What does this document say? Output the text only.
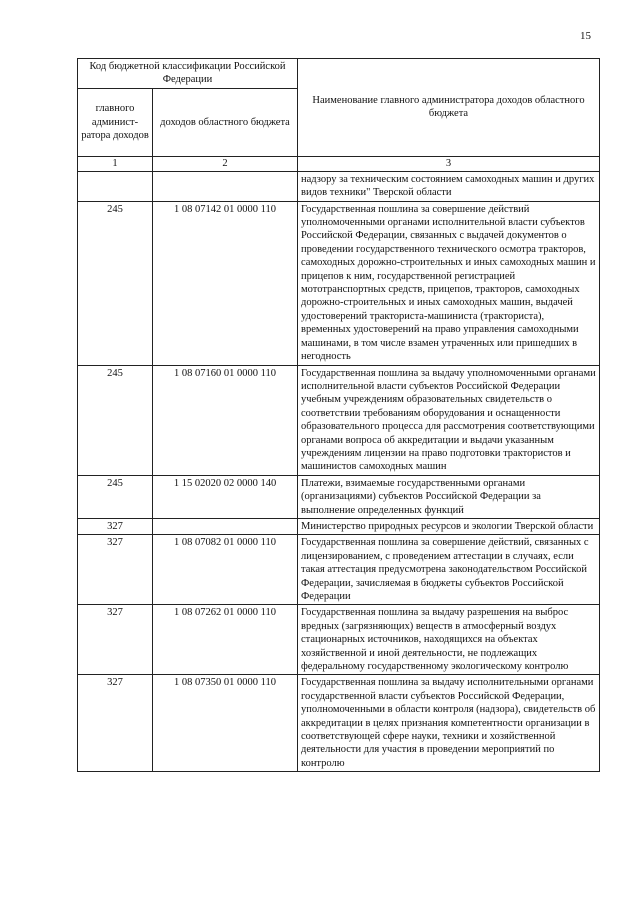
15
Код бюджетной классификации Российской Федерации		Наименование главного администратора доходов областного бюджета
главного админист- ратора доходов	доходов областного бюджета	
1	2	3
		надзору за техническим состоянием самоходных машин и других видов техники" Тверской области
245	1 08 07142 01 0000 110	Государственная пошлина за совершение действий уполномоченными органами исполнительной власти субъектов Российской Федерации, связанных с выдачей документов о проведении государственного технического осмотра тракторов, самоходных дорожно-строительных и иных самоходных машин и прицепов к ним, государственной регистрацией мототранспортных средств, прицепов, тракторов, самоходных дорожно-строительных и иных самоходных машин, выдачей удостоверений тракториста-машиниста (тракториста), временных удостоверений на право управления самоходными машинами, в том числе взамен утраченных или пришедших в негодность
245	1 08 07160 01 0000 110	Государственная пошлина за выдачу уполномоченными органами исполнительной власти субъектов Российской Федерации учебным учреждениям образовательных свидетельств о соответствии требованиям оборудования и оснащенности образовательного процесса для рассмотрения соответствующими органами вопроса об аккредитации и выдачи указанным учреждениям лицензии на право подготовки трактористов и машинистов самоходных машин
245	1 15 02020 02 0000 140	Платежи, взимаемые государственными органами (организациями) субъектов Российской Федерации за выполнение определенных функций
327		Министерство природных ресурсов и экологии Тверской области
327	1 08 07082 01 0000 110	Государственная пошлина за совершение действий, связанных с лицензированием, с проведением аттестации в случаях, если такая аттестация предусмотрена законодательством Российской Федерации, зачисляемая в бюджеты субъектов Российской Федерации
327	1 08 07262 01 0000 110	Государственная пошлина за выдачу разрешения на выброс вредных (загрязняющих) веществ в атмосферный воздух стационарных источников, находящихся на объектах хозяйственной и иной деятельности, не подлежащих федеральному государственному экологическому контролю
327	1 08 07350 01 0000 110	Государственная пошлина за выдачу исполнительными органами государственной власти субъектов Российской Федерации, уполномоченными в области контроля (надзора), свидетельств об аккредитации в целях признания компетентности организации в соответствующей сфере науки, техники и хозяйственной деятельности для участия в проведении мероприятий по контролю
